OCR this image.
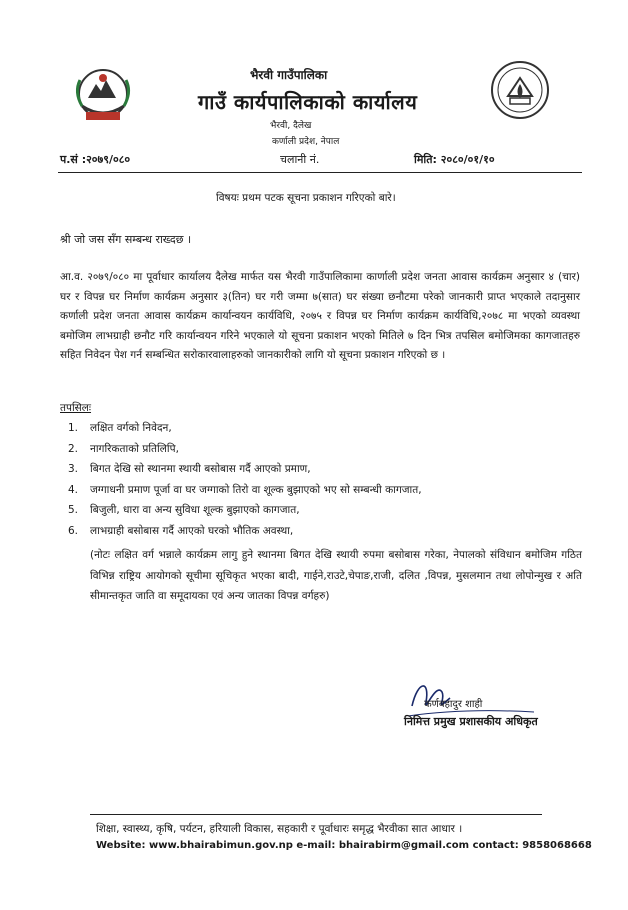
भैरवी गाउँपालिका
गाउँ कार्यपालिकाको कार्यालय
भैरवी, दैलेख
कर्णाली प्रदेश, नेपाल
प.सं :२०७९/०८०	चलानी नं.	मिति: २०८०/०१/१०
विषयः प्रथम पटक सूचना प्रकाशन गरिएको बारे।
श्री जो जस सँग सम्बन्ध राख्दछ ।
आ.व. २०७९/०८० मा पूर्वाधार कार्यालय दैलेख मार्फत यस भैरवी गाउँपालिकामा कार्णाली प्रदेश जनता आवास कार्यक्रम अनुसार ४ (चार) घर र विपन्न घर निर्माण कार्यक्रम अनुसार ३(तिन) घर गरी जम्मा ७(सात) घर संख्या छनौटमा परेको जानकारी प्राप्त भएकाले तदानुसार कर्णाली प्रदेश जनता आवास कार्यक्रम कार्यान्वयन कार्यविधि, २०७५ र विपन्न घर निर्माण कार्यक्रम कार्यविधि,२०७८ मा भएको व्यवस्था बमोजिम लाभग्राही छनौट गरि कार्यान्वयन गरिने भएकाले यो सूचना प्रकाशन भएको मितिले ७ दिन भित्र तपसिल बमोजिमका कागजातहरु सहित निवेदन पेश गर्न सम्बन्धित सरोकारवालाहरुको जानकारीको लागि यो सूचना प्रकाशन गरिएको छ ।
तपसिलः
1. लक्षित वर्गको निवेदन,
2. नागरिकताको प्रतिलिपि,
3. बिगत देखि सो स्थानमा स्थायी बसोबास गर्दै आएको प्रमाण,
4. जग्गाधनी प्रमाण पूर्जा वा घर जग्गाको तिरो वा शूल्क बुझाएको भए सो सम्बन्धी कागजात,
5. बिजुली, धारा वा अन्य सुविधा शूल्क बुझाएको कागजात,
6. लाभग्राही बसोबास गर्दै आएको घरको भौतिक अवस्था,
(नोटः लक्षित वर्ग भन्नाले कार्यक्रम लागु हुने स्थानमा बिगत देखि स्थायी रुपमा बसोबास गरेका, नेपालको संविधान बमोजिम गठित विभिन्न राष्ट्रिय आयोगको सूचीमा सूचिकृत भएका बादी, गाईने,राउटे,चेपाङ,राजी, दलित ,विपन्न, मुसलमान तथा लोपोन्मुख र अति सीमान्तकृत जाति वा समूदायका एवं अन्य जातका विपन्न वर्गहरु)
कर्णबहादुर शाही
निमित्त प्रमुख प्रशासकीय अधिकृत
शिक्षा, स्वास्थ्य, कृषि, पर्यटन, हरियाली विकास, सहकारी र पूर्वाधारः समृद्ध भैरवीका सात आधार ।
Website: www.bhairabimun.gov.np e-mail: bhairabirm@gmail.com contact: 9858068668
